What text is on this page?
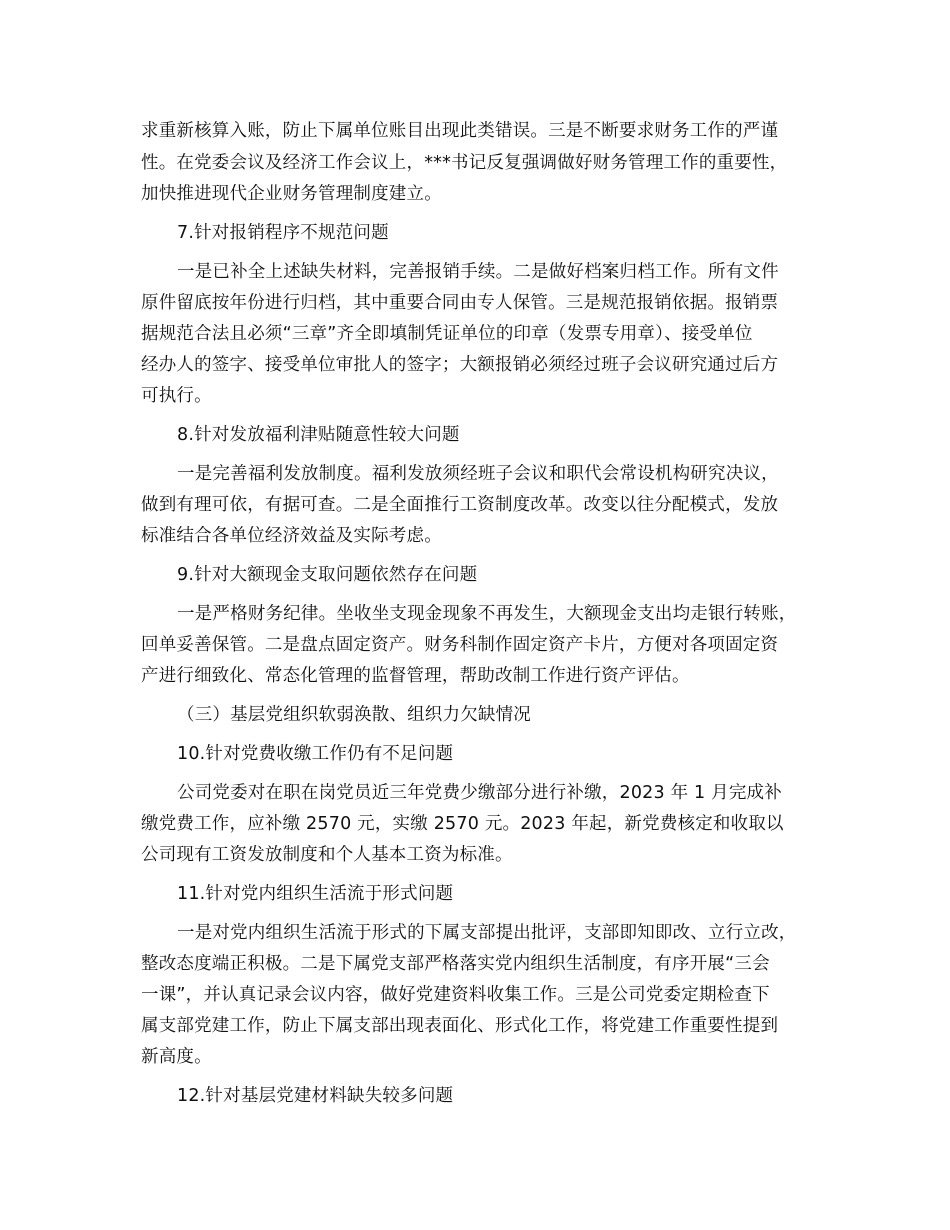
求重新核算入账，防止下属单位账目出现此类错误。三是不断要求财务工作的严谨
性。在党委会议及经济工作会议上，***书记反复强调做好财务管理工作的重要性，
加快推进现代企业财务管理制度建立。
7.针对报销程序不规范问题
一是已补全上述缺失材料，完善报销手续。二是做好档案归档工作。所有文件
原件留底按年份进行归档，其中重要合同由专人保管。三是规范报销依据。报销票
据规范合法且必须“三章”齐全即填制凭证单位的印章（发票专用章）、接受单位
经办人的签字、接受单位审批人的签字；大额报销必须经过班子会议研究通过后方
可执行。
8.针对发放福利津贴随意性较大问题
一是完善福利发放制度。福利发放须经班子会议和职代会常设机构研究决议，
做到有理可依，有据可查。二是全面推行工资制度改革。改变以往分配模式，发放
标准结合各单位经济效益及实际考虑。
9.针对大额现金支取问题依然存在问题
一是严格财务纪律。坐收坐支现金现象不再发生，大额现金支出均走银行转账，
回单妥善保管。二是盘点固定资产。财务科制作固定资产卡片，方便对各项固定资
产进行细致化、常态化管理的监督管理，帮助改制工作进行资产评估。
（三）基层党组织软弱涣散、组织力欠缺情况
10.针对党费收缴工作仍有不足问题
公司党委对在职在岗党员近三年党费少缴部分进行补缴，2023 年 1 月完成补
缴党费工作，应补缴 2570 元，实缴 2570 元。2023 年起，新党费核定和收取以
公司现有工资发放制度和个人基本工资为标准。
11.针对党内组织生活流于形式问题
一是对党内组织生活流于形式的下属支部提出批评，支部即知即改、立行立改，
整改态度端正积极。二是下属党支部严格落实党内组织生活制度，有序开展“三会
一课”，并认真记录会议内容，做好党建资料收集工作。三是公司党委定期检查下
属支部党建工作，防止下属支部出现表面化、形式化工作，将党建工作重要性提到
新高度。
12.针对基层党建材料缺失较多问题
